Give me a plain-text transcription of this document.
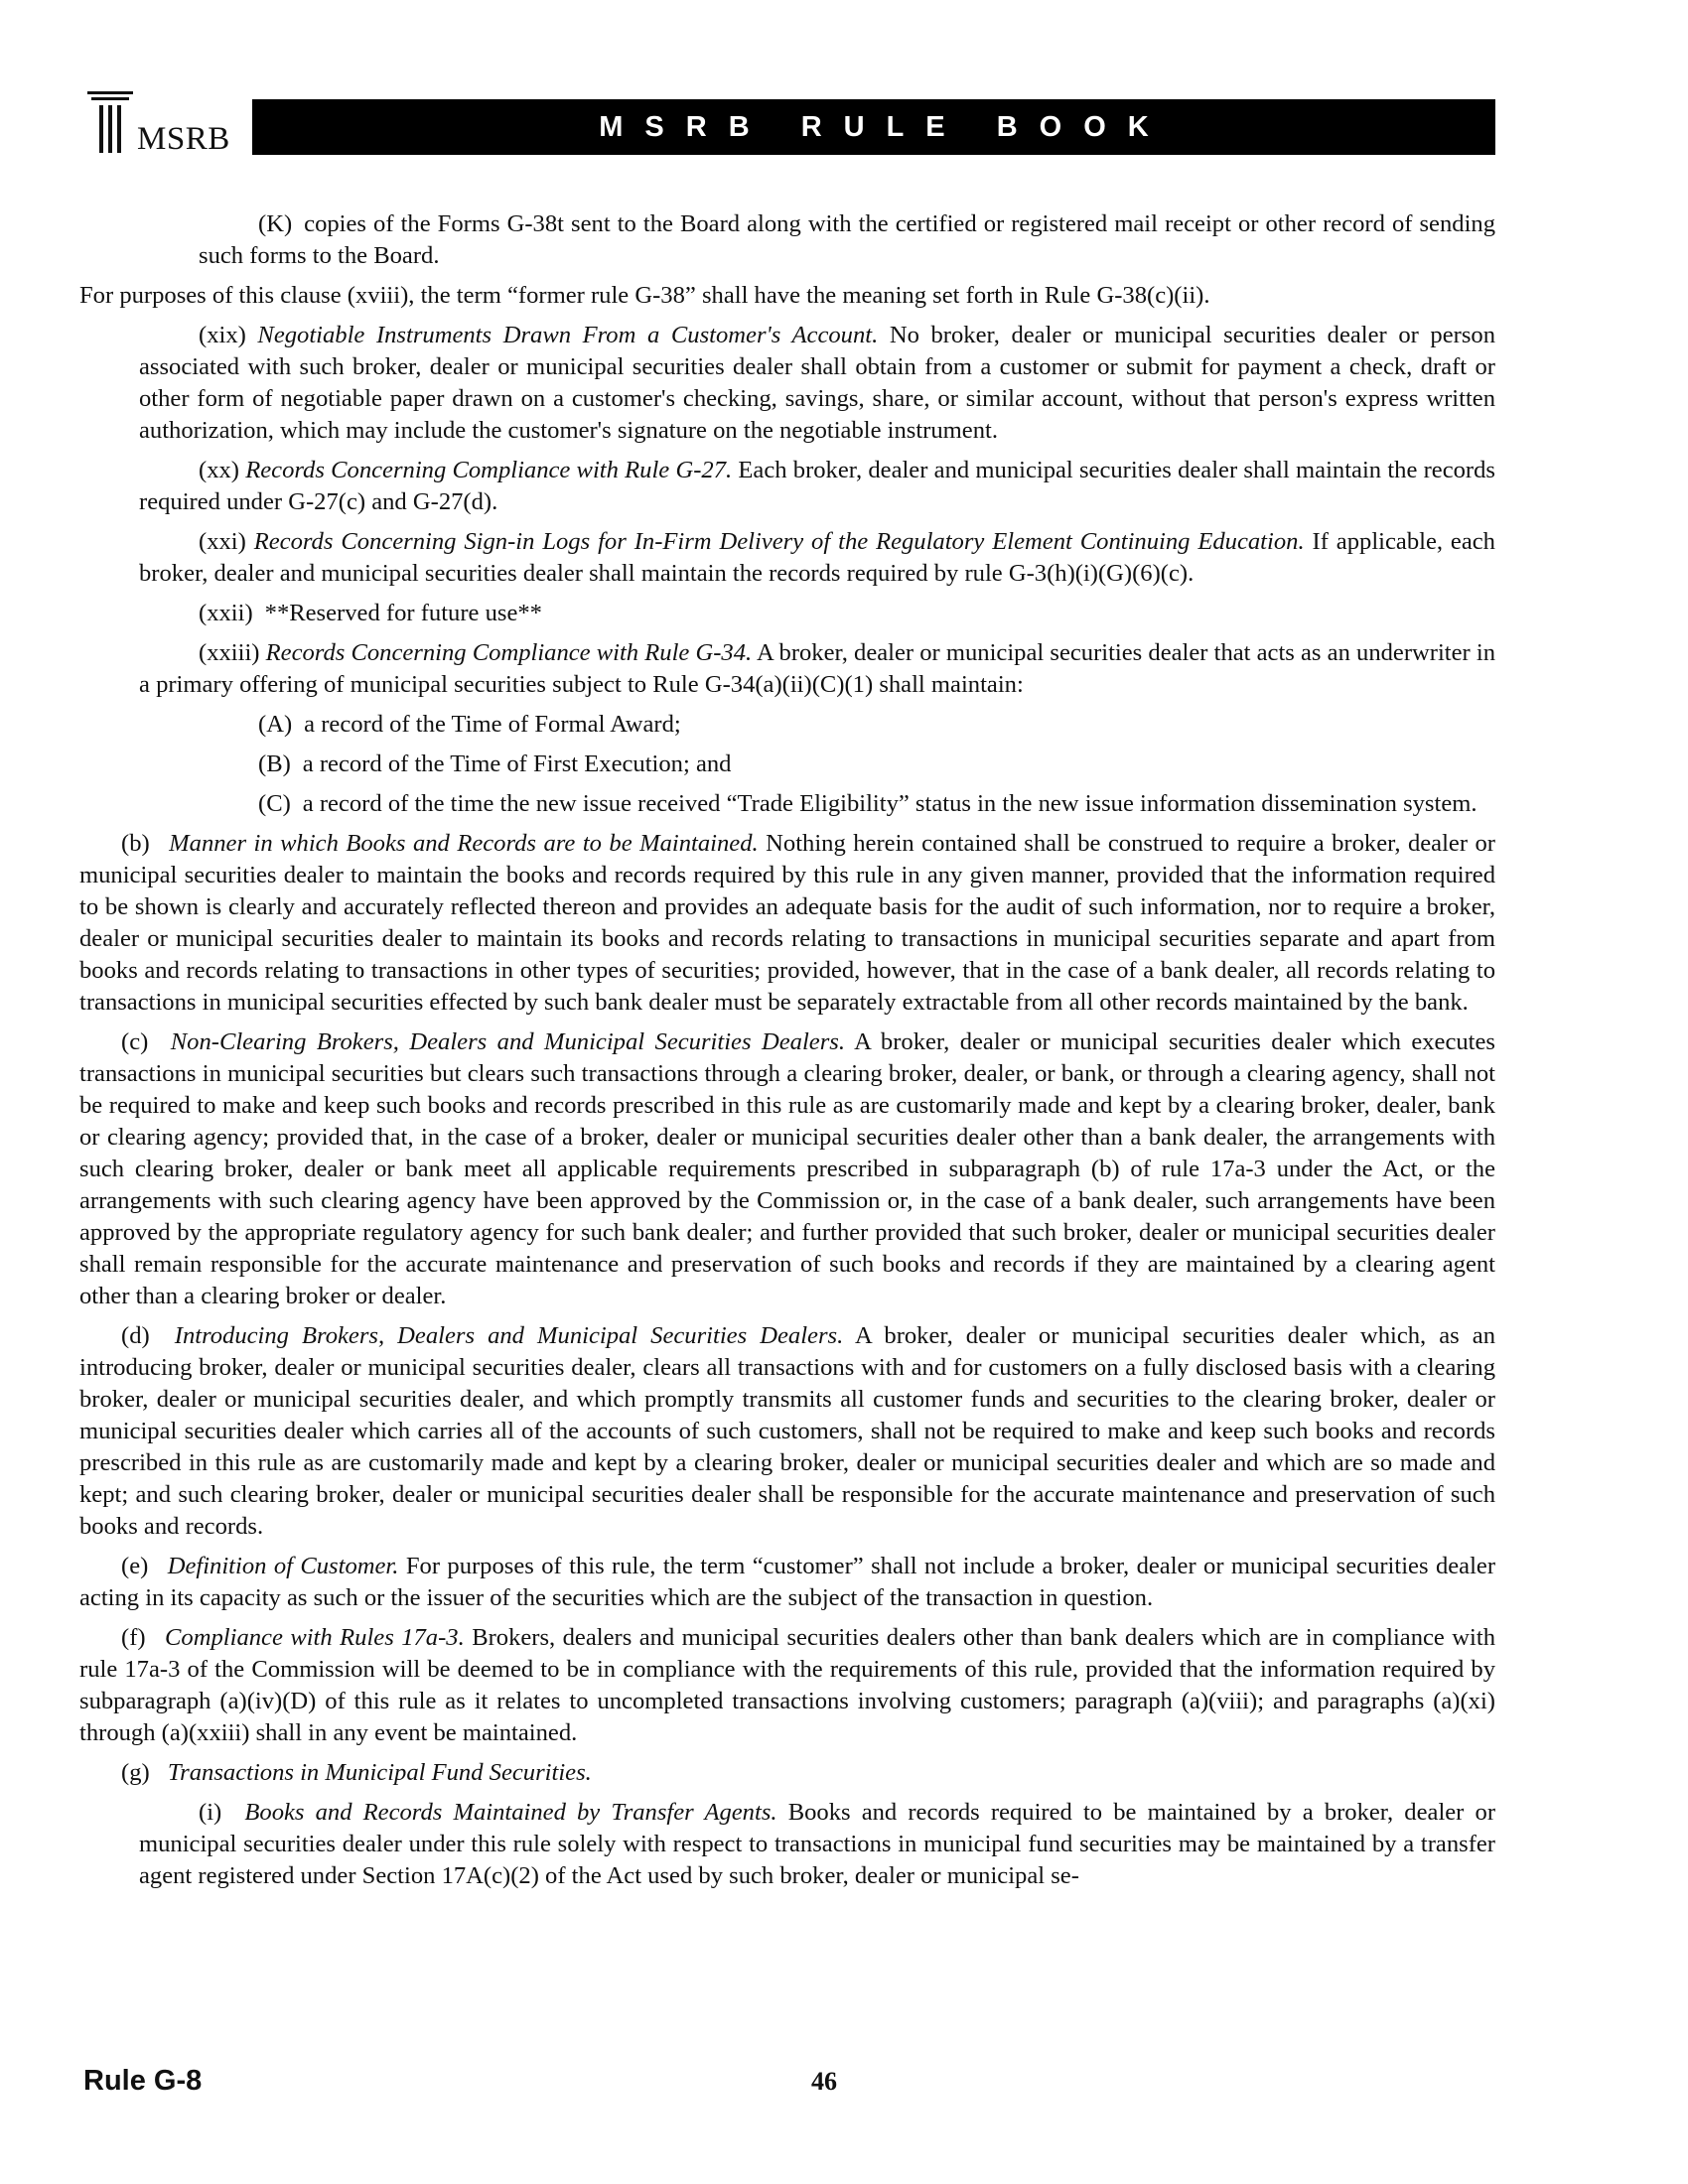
MSRB	MSRB RULE BOOK

(K) copies of the Forms G-38t sent to the Board along with the certified or registered mail receipt or other record of sending such forms to the Board.

For purposes of this clause (xviii), the term “former rule G-38” shall have the meaning set forth in Rule G-38(c)(ii).

(xix) Negotiable Instruments Drawn From a Customer's Account. No broker, dealer or municipal securities dealer or person associated with such broker, dealer or municipal securities dealer shall obtain from a customer or submit for payment a check, draft or other form of negotiable paper drawn on a customer's checking, savings, share, or similar account, without that person's express written authorization, which may include the customer's signature on the negotiable instrument.

(xx) Records Concerning Compliance with Rule G-27. Each broker, dealer and municipal securities dealer shall maintain the records required under G-27(c) and G-27(d).

(xxi) Records Concerning Sign-in Logs for In-Firm Delivery of the Regulatory Element Continuing Education. If applicable, each broker, dealer and municipal securities dealer shall maintain the records required by rule G-3(h)(i)(G)(6)(c).

(xxii) **Reserved for future use**

(xxiii) Records Concerning Compliance with Rule G-34. A broker, dealer or municipal securities dealer that acts as an underwriter in a primary offering of municipal securities subject to Rule G-34(a)(ii)(C)(1) shall maintain:

(A) a record of the Time of Formal Award;

(B) a record of the Time of First Execution; and

(C) a record of the time the new issue received “Trade Eligibility” status in the new issue information dissemination system.

(b) Manner in which Books and Records are to be Maintained. Nothing herein contained shall be construed to require a broker, dealer or municipal securities dealer to maintain the books and records required by this rule in any given manner, provided that the information required to be shown is clearly and accurately reflected thereon and provides an adequate basis for the audit of such information, nor to require a broker, dealer or municipal securities dealer to maintain its books and records relating to transactions in municipal securities separate and apart from books and records relating to transactions in other types of securities; provided, however, that in the case of a bank dealer, all records relating to transactions in municipal securities effected by such bank dealer must be separately extractable from all other records maintained by the bank.

(c) Non-Clearing Brokers, Dealers and Municipal Securities Dealers. A broker, dealer or municipal securities dealer which executes transactions in municipal securities but clears such transactions through a clearing broker, dealer, or bank, or through a clearing agency, shall not be required to make and keep such books and records prescribed in this rule as are customarily made and kept by a clearing broker, dealer, bank or clearing agency; provided that, in the case of a broker, dealer or municipal securities dealer other than a bank dealer, the arrangements with such clearing broker, dealer or bank meet all applicable requirements prescribed in subparagraph (b) of rule 17a-3 under the Act, or the arrangements with such clearing agency have been approved by the Commission or, in the case of a bank dealer, such arrangements have been approved by the appropriate regulatory agency for such bank dealer; and further provided that such broker, dealer or municipal securities dealer shall remain responsible for the accurate maintenance and preservation of such books and records if they are maintained by a clearing agent other than a clearing broker or dealer.

(d) Introducing Brokers, Dealers and Municipal Securities Dealers. A broker, dealer or municipal securities dealer which, as an introducing broker, dealer or municipal securities dealer, clears all transactions with and for customers on a fully disclosed basis with a clearing broker, dealer or municipal securities dealer, and which promptly transmits all customer funds and securities to the clearing broker, dealer or municipal securities dealer which carries all of the accounts of such customers, shall not be required to make and keep such books and records prescribed in this rule as are customarily made and kept by a clearing broker, dealer or municipal securities dealer and which are so made and kept; and such clearing broker, dealer or municipal securities dealer shall be responsible for the accurate maintenance and preservation of such books and records.

(e) Definition of Customer. For purposes of this rule, the term “customer” shall not include a broker, dealer or municipal securities dealer acting in its capacity as such or the issuer of the securities which are the subject of the transaction in question.

(f) Compliance with Rules 17a-3. Brokers, dealers and municipal securities dealers other than bank dealers which are in compliance with rule 17a-3 of the Commission will be deemed to be in compliance with the requirements of this rule, provided that the information required by subparagraph (a)(iv)(D) of this rule as it relates to uncompleted transactions involving customers; paragraph (a)(viii); and paragraphs (a)(xi) through (a)(xxiii) shall in any event be maintained.

(g) Transactions in Municipal Fund Securities.

(i) Books and Records Maintained by Transfer Agents. Books and records required to be maintained by a broker, dealer or municipal securities dealer under this rule solely with respect to transactions in municipal fund securities may be maintained by a transfer agent registered under Section 17A(c)(2) of the Act used by such broker, dealer or municipal se-

Rule G-8	46
